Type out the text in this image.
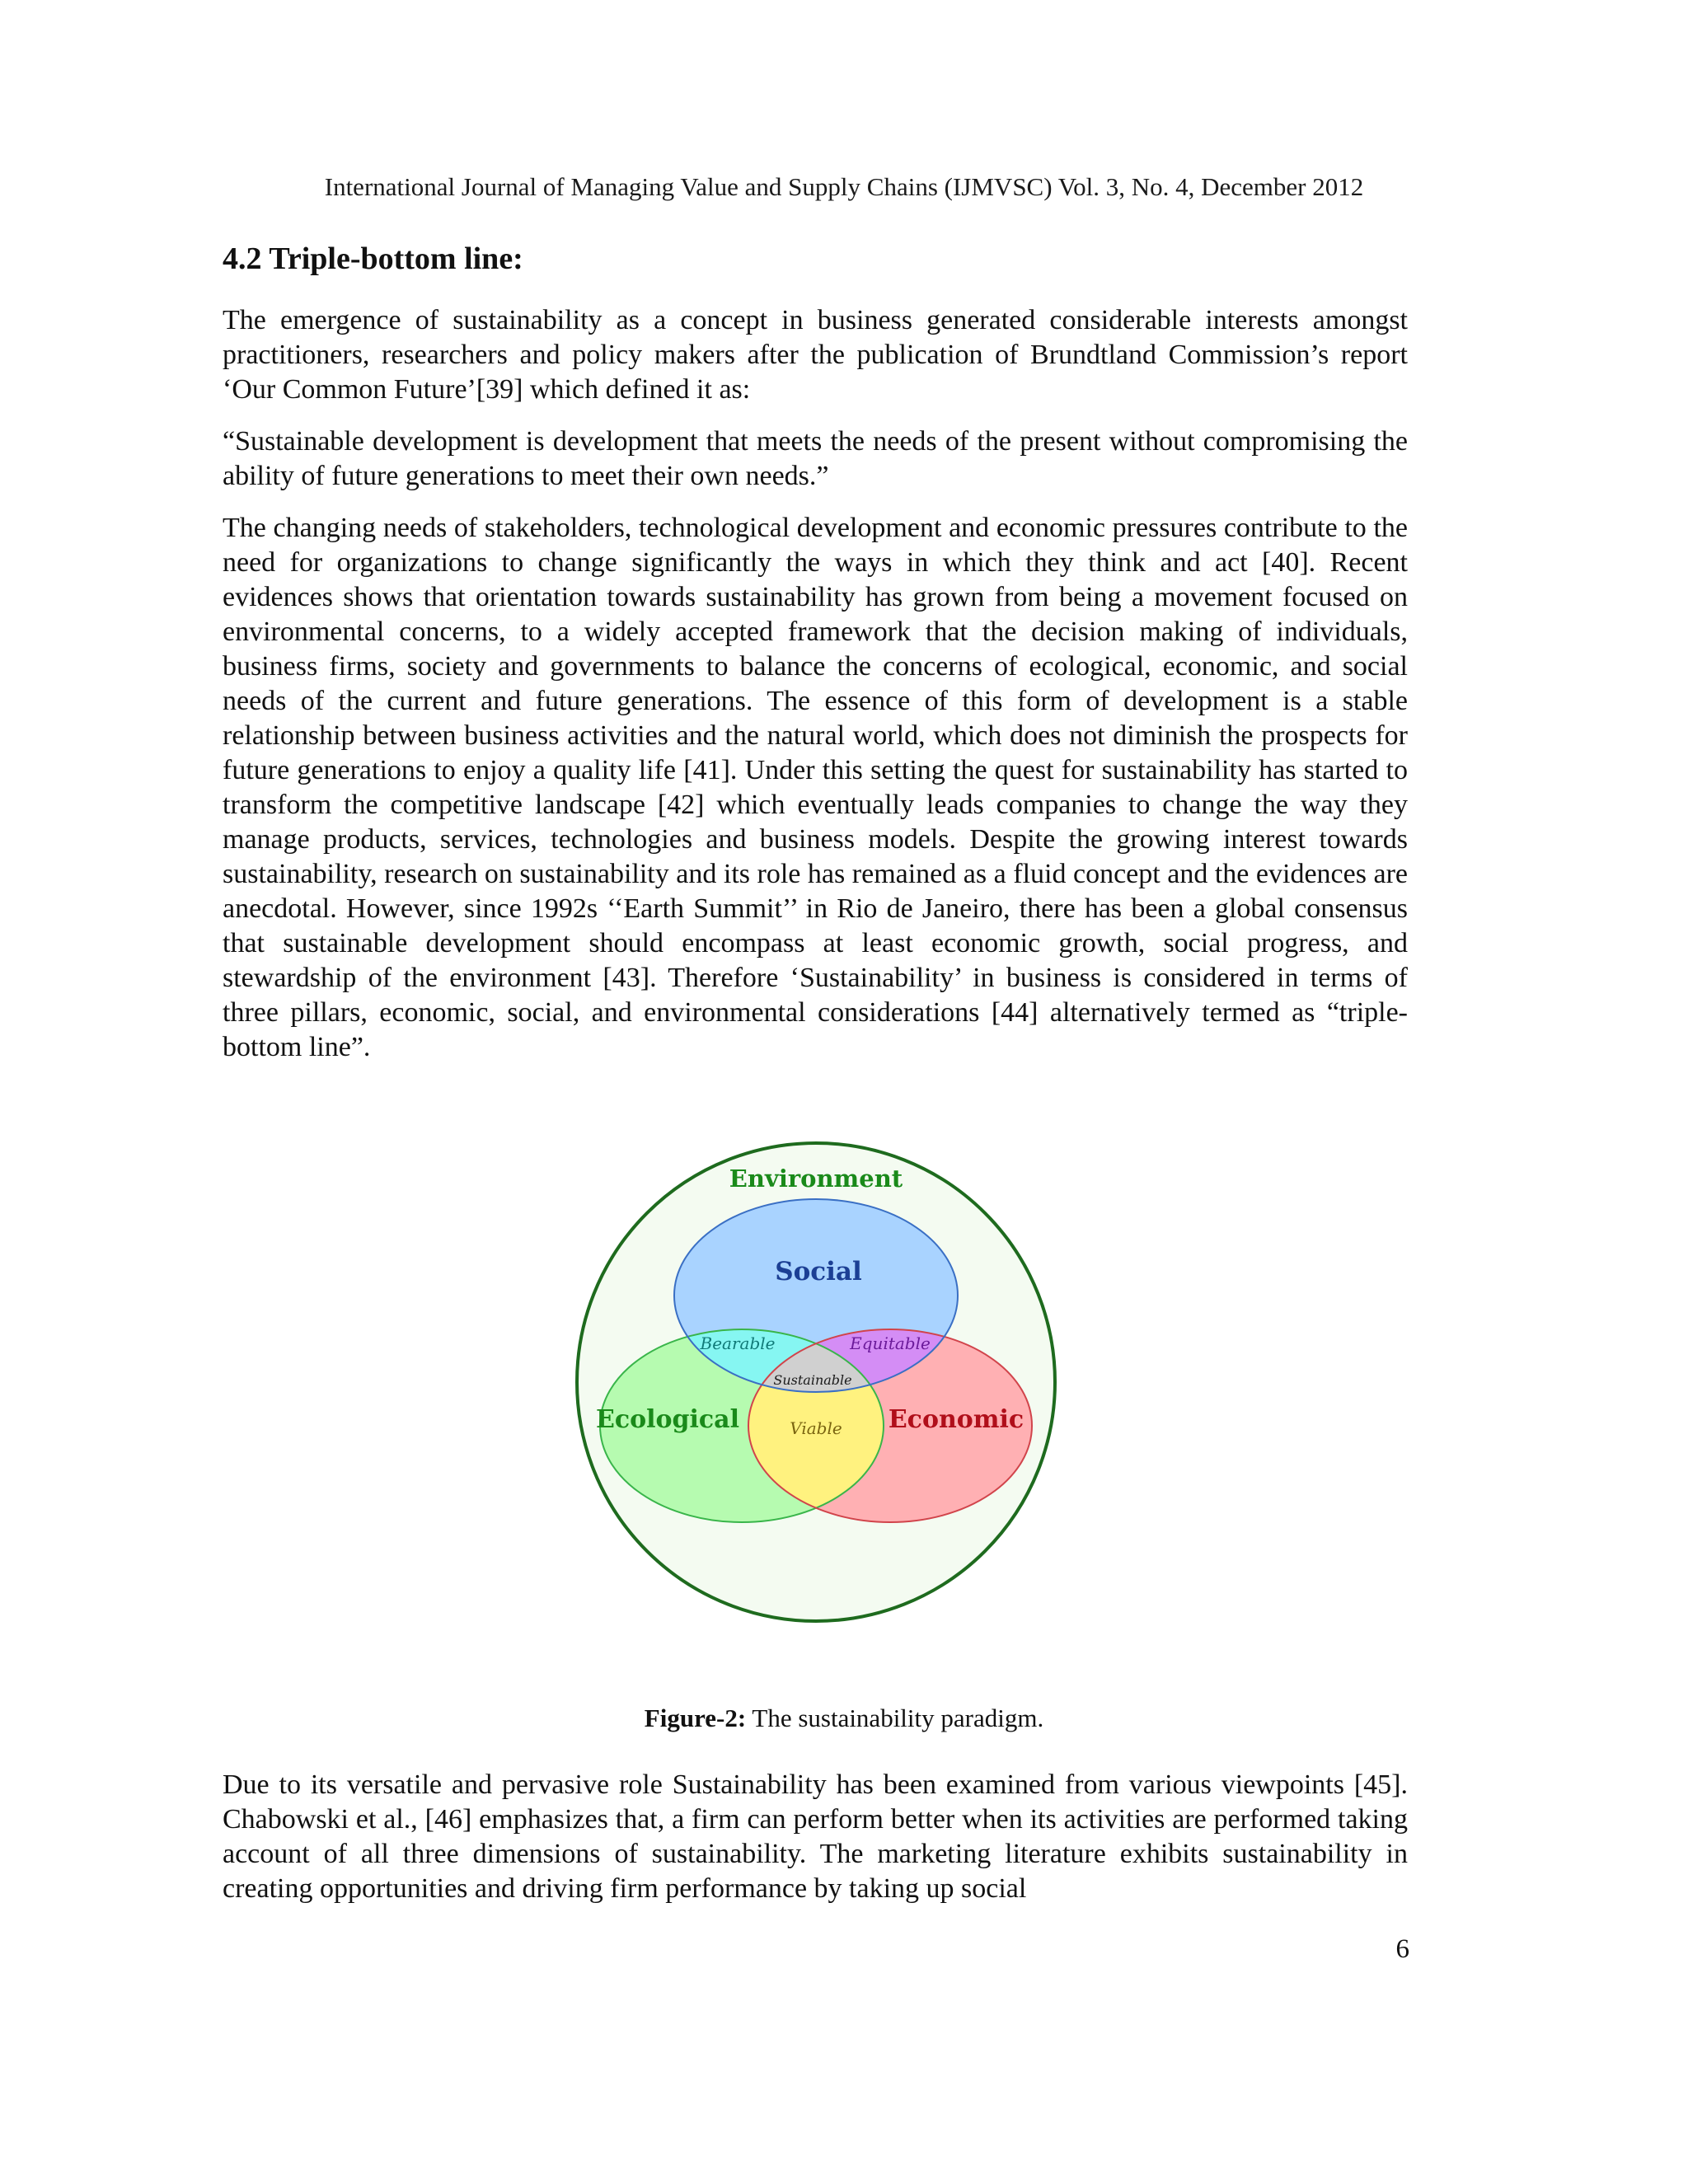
International Journal of Managing Value and Supply Chains (IJMVSC) Vol. 3, No. 4, December 2012
4.2 Triple-bottom line:

The emergence of sustainability as a concept in business generated considerable interests amongst practitioners, researchers and policy makers after the publication of Brundtland Commission’s report ‘Our Common Future’[39] which defined it as:

“Sustainable development is development that meets the needs of the present without compromising the ability of future generations to meet their own needs.”

The changing needs of stakeholders, technological development and economic pressures contribute to the need for organizations to change significantly the ways in which they think and act [40]. Recent evidences shows that orientation towards sustainability has grown from being a movement focused on environmental concerns, to a widely accepted framework that the decision making of individuals, business firms, society and governments to balance the concerns of ecological, economic, and social needs of the current and future generations. The essence of this form of development is a stable relationship between business activities and the natural world, which does not diminish the prospects for future generations to enjoy a quality life [41]. Under this setting the quest for sustainability has started to transform the competitive landscape [42] which eventually leads companies to change the way they manage products, services, technologies and business models. Despite the growing interest towards sustainability, research on sustainability and its role has remained as a fluid concept and the evidences are anecdotal. However, since 1992s ‘‘Earth Summit’’ in Rio de Janeiro, there has been a global consensus that sustainable development should encompass at least economic growth, social progress, and stewardship of the environment [43]. Therefore ‘Sustainability’ in business is considered in terms of three pillars, economic, social, and environmental considerations [44] alternatively termed as “triple-bottom line”.

Environment
Social
Ecological	Economic
Bearable	Equitable
Viable
Sustainable
Figure-2: The sustainability paradigm.

Due to its versatile and pervasive role Sustainability has been examined from various viewpoints [45]. Chabowski et al., [46] emphasizes that, a firm can perform better when its activities are performed taking account of all three dimensions of sustainability. The marketing literature exhibits sustainability in creating opportunities and driving firm performance by taking up social

6
